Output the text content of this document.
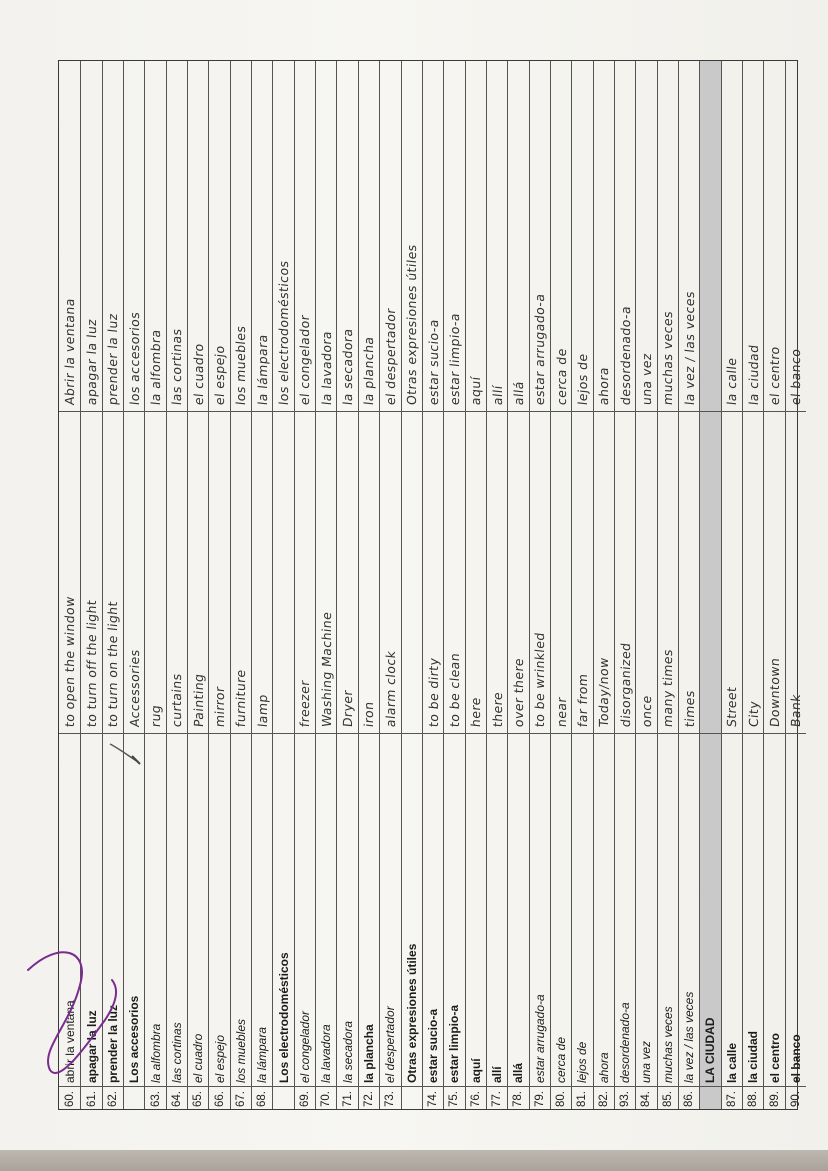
60.
abrir la ventana
to open the window
Abrir la ventana
61.
apagar la luz
to turn off the light
apagar la luz
62.
prender la luz
to turn on the light
prender la luz
Los accesorios
Accessories
los accesorios
63.
la alfombra
rug
la alfombra
64.
las cortinas
curtains
las cortinas
65.
el cuadro
Painting
el cuadro
66.
el espejo
mirror
el espejo
67.
los muebles
furniture
los muebles
68.
la lámpara
lamp
la lámpara
Los electrodomésticos
los electrodomésticos
69.
el congelador
freezer
el congelador
70.
la lavadora
Washing Machine
la lavadora
71.
la secadora
Dryer
la secadora
72.
la plancha
iron
la plancha
73.
el despertador
alarm clock
el despertador
Otras expresiones útiles
Otras expresiones útiles
74.
estar sucio-a
to be dirty
estar sucio-a
75.
estar limpio-a
to be clean
estar limpio-a
76.
aquí
here
aquí
77.
allí
there
allí
78.
allá
over there
allá
79.
estar arrugado-a
to be wrinkled
estar arrugado-a
80.
cerca de
near
cerca de
81.
lejos de
far from
lejos de
82.
ahora
Today/now
ahora
93.
desordenado-a
disorganized
desordenado-a
84.
una vez
once
una vez
85.
muchas veces
many times
muchas veces
86.
la vez / las veces
times
la vez / las veces
LA CIUDAD
87.
la calle
Street
la calle
88.
la ciudad
City
la ciudad
89.
el centro
Downtown
el centro
90.
el banco
Bank
el banco
